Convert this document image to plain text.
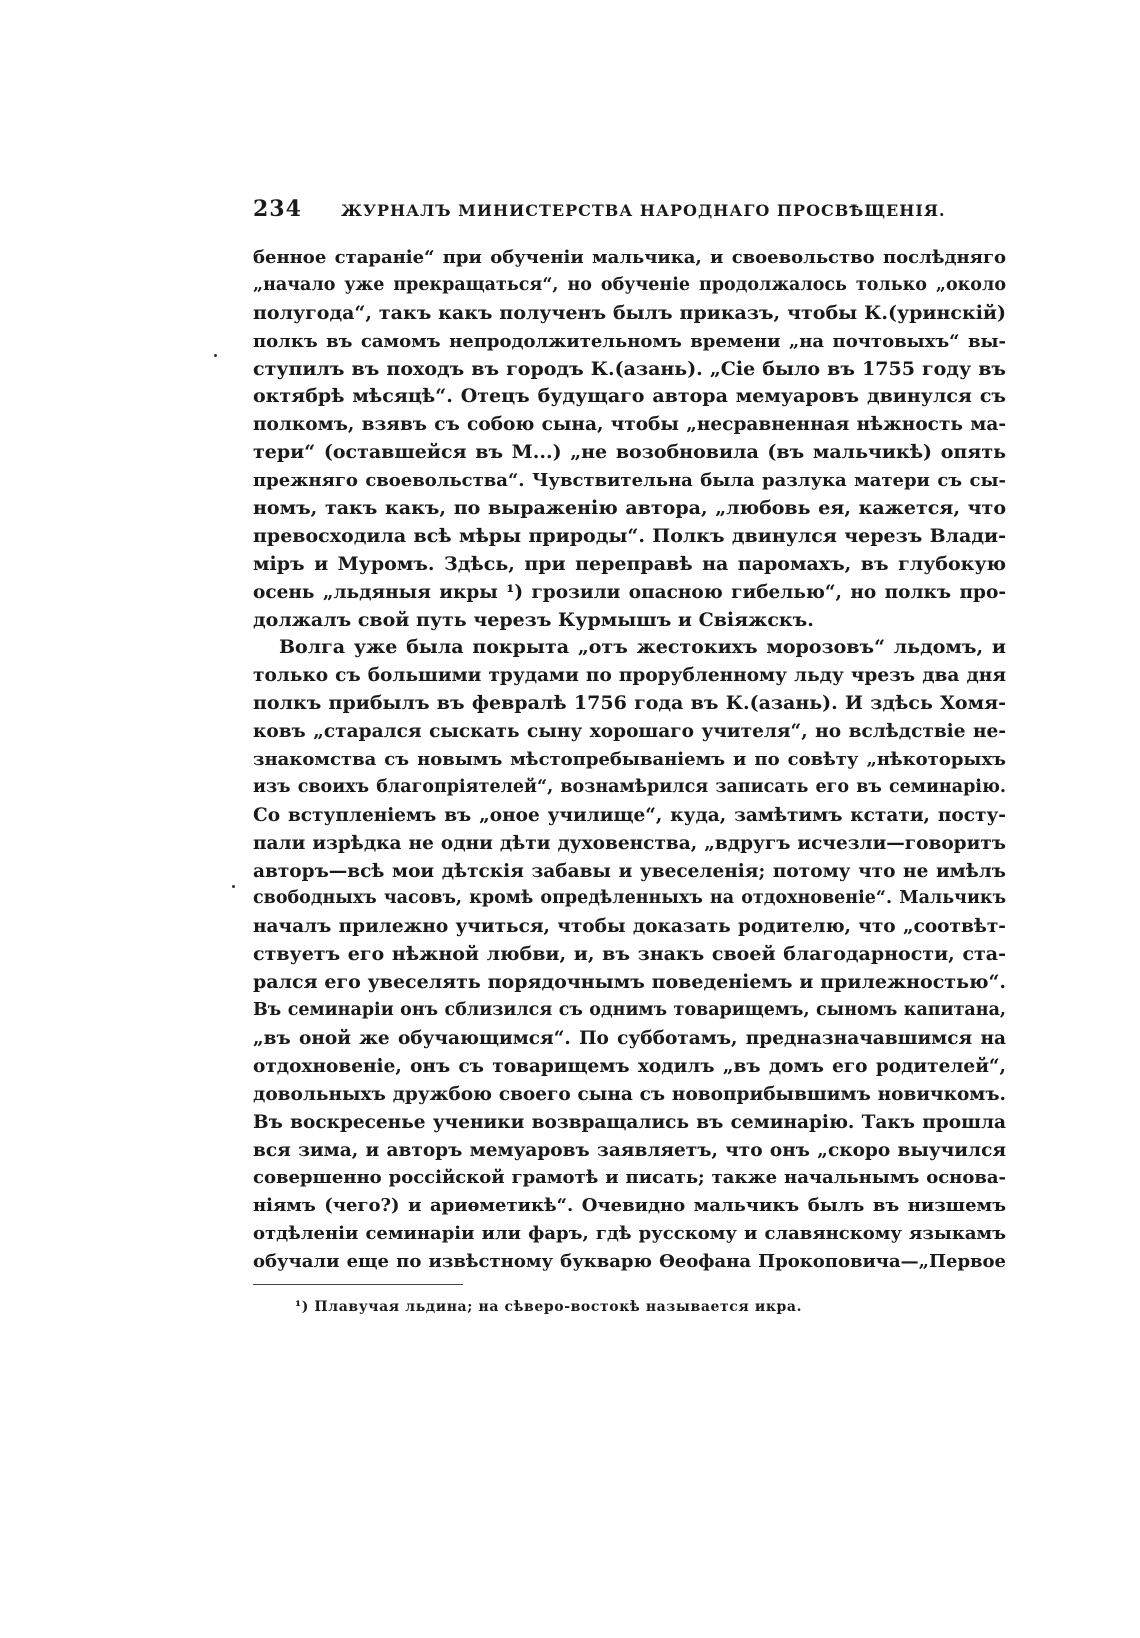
234	ЖУРНАЛЪ МИНИСТЕРСТВА НАРОДНАГО ПРОСВѢЩЕНІЯ.
бенное стараніе“ при обученіи мальчика, и своевольство послѣдняго
„начало уже прекращаться“, но обученіе продолжалось только „около
полугода“, такъ какъ полученъ былъ приказъ, чтобы К.(уринскій)
полкъ въ самомъ непродолжительномъ времени „на почтовыхъ“ вы-
ступилъ въ походъ въ городъ К.(азань). „Сіе было въ 1755 году въ
октябрѣ мѣсяцѣ“. Отецъ будущаго автора мемуаровъ двинулся съ
полкомъ, взявъ съ собою сына, чтобы „несравненная нѣжность ма-
тери“ (оставшейся въ М...) „не возобновила (въ мальчикѣ) опять
прежняго своевольства“. Чувствительна была разлука матери съ сы-
номъ, такъ какъ, по выраженію автора, „любовь ея, кажется, что
превосходила всѣ мѣры природы“. Полкъ двинулся черезъ Влади-
міръ и Муромъ. Здѣсь, при переправѣ на паромахъ, въ глубокую
осень „льдяныя икры ¹) грозили опасною гибелью“, но полкъ про-
должалъ свой путь черезъ Курмышъ и Свіяжскъ.
Волга уже была покрыта „отъ жестокихъ морозовъ“ льдомъ, и
только съ большими трудами по прорубленному льду чрезъ два дня
полкъ прибылъ въ февралѣ 1756 года въ К.(азань). И здѣсь Хомя-
ковъ „старался сыскать сыну хорошаго учителя“, но вслѣдствіе не-
знакомства съ новымъ мѣстопребываніемъ и по совѣту „нѣкоторыхъ
изъ своихъ благопріятелей“, вознамѣрился записать его въ семинарію.
Со вступленіемъ въ „оное училище“, куда, замѣтимъ кстати, посту-
пали изрѣдка не одни дѣти духовенства, „вдругъ исчезли—говоритъ
авторъ—всѣ мои дѣтскія забавы и увеселенія; потому что не имѣлъ
свободныхъ часовъ, кромѣ опредѣленныхъ на отдохновеніе“. Мальчикъ
началъ прилежно учиться, чтобы доказать родителю, что „соотвѣт-
ствуетъ его нѣжной любви, и, въ знакъ своей благодарности, ста-
рался его увеселять порядочнымъ поведеніемъ и прилежностью“.
Въ семинаріи онъ сблизился съ однимъ товарищемъ, сыномъ капитана,
„въ оной же обучающимся“. По субботамъ, предназначавшимся на
отдохновеніе, онъ съ товарищемъ ходилъ „въ домъ его родителей“,
довольныхъ дружбою своего сына съ новоприбывшимъ новичкомъ.
Въ воскресенье ученики возвращались въ семинарію. Такъ прошла
вся зима, и авторъ мемуаровъ заявляетъ, что онъ „скоро выучился
совершенно россійской грамотѣ и писать; также начальнымъ основа-
ніямъ (чего?) и ариѳметикѣ“. Очевидно мальчикъ былъ въ низшемъ
отдѣленіи семинаріи или фаръ, гдѣ русскому и славянскому языкамъ
обучали еще по извѣстному букварю Ѳеофана Прокоповича—„Первое
¹) Плавучая льдина; на сѣверо-востокѣ называется икра.
